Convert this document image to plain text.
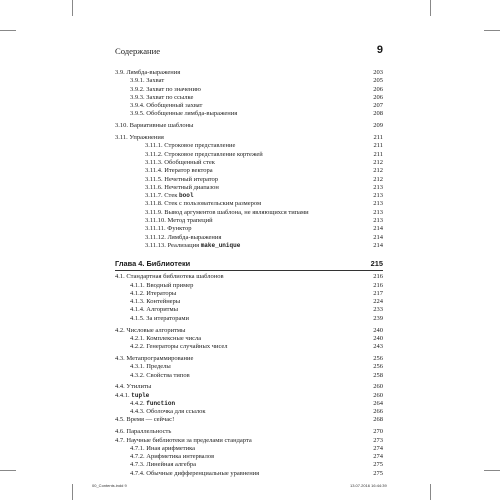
Содержание	9
3.9. Лямбда-выражения	203
3.9.1. Захват	205
3.9.2. Захват по значению	206
3.9.3. Захват по ссылке	206
3.9.4. Обобщенный захват	207
3.9.5. Обобщенные лямбда-выражения	208
3.10. Вариативные шаблоны	209
3.11. Упражнения	211
3.11.1. Строковое представление	211
3.11.2. Строковое представление кортежей	211
3.11.3. Обобщенный стек	212
3.11.4. Итератор вектора	212
3.11.5. Нечетный итератор	212
3.11.6. Нечетный диапазон	213
3.11.7. Стек bool	213
3.11.8. Стек с пользовательским размером	213
3.11.9. Вывод аргументов шаблона, не являющихся типами	213
3.11.10. Метод трапеций	213
3.11.11. Функтор	214
3.11.12. Лямбда-выражения	214
3.11.13. Реализация make_unique	214
Глава 4. Библиотеки	215
4.1. Стандартная библиотека шаблонов	216
4.1.1. Вводный пример	216
4.1.2. Итераторы	217
4.1.3. Контейнеры	224
4.1.4. Алгоритмы	233
4.1.5. За итераторами	239
4.2. Числовые алгоритмы	240
4.2.1. Комплексные числа	240
4.2.2. Генераторы случайных чисел	243
4.3. Метапрограммирование	256
4.3.1. Пределы	256
4.3.2. Свойства типов	258
4.4. Утилиты	260
4.4.1. tuple	260
4.4.2. function	264
4.4.3. Оболочка для ссылок	266
4.5. Время — сейчас!	268
4.6. Параллельность	270
4.7. Научные библиотеки за пределами стандарта	273
4.7.1. Иная арифметика	274
4.7.2. Арифметика интервалов	274
4.7.3. Линейная алгебра	275
4.7.4. Обычные дифференциальные уравнения	275
00_Contents.indd 9	13.07.2016 16:44:39
